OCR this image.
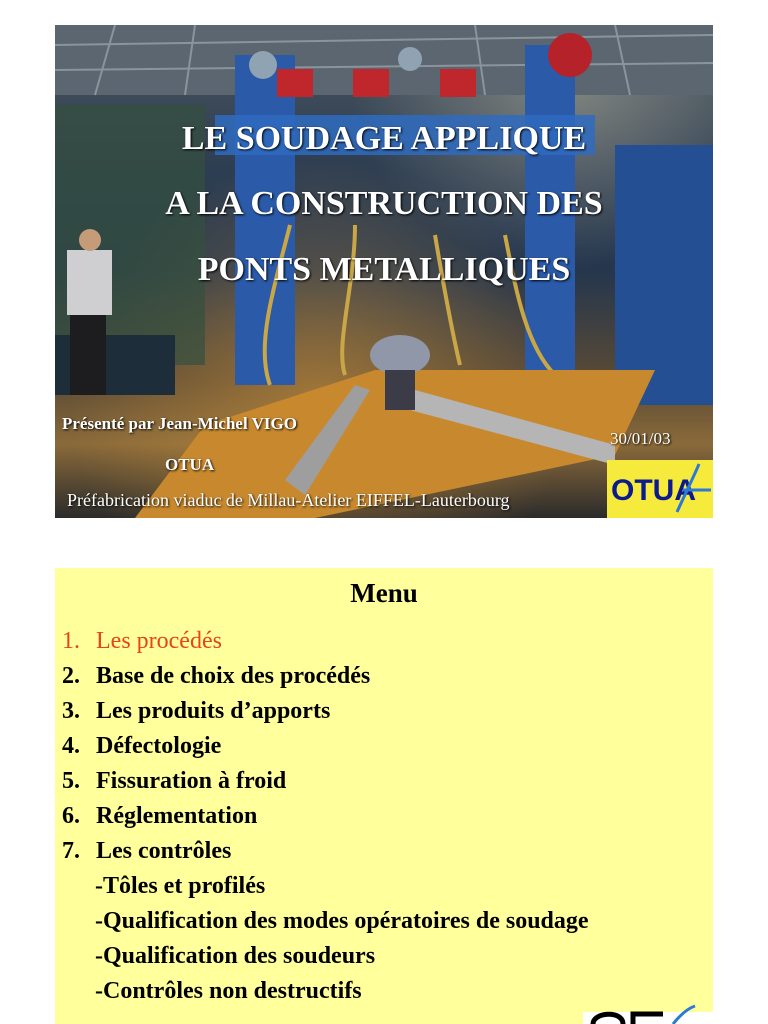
LE SOUDAGE APPLIQUE
A LA CONSTRUCTION DES
PONTS METALLIQUES

Présenté par Jean-Michel VIGO

30/01/03

OTUA

Préfabrication viaduc de Millau-Atelier EIFFEL-Lauterbourg	OTUA
Menu
1. Les procédés
2. Base de choix des procédés
3. Les produits d’apports
4. Défectologie
5. Fissuration à froid
6. Réglementation
7. Les contrôles
-Tôles et profilés
-Qualification des modes opératoires de soudage
-Qualification des soudeurs
-Contrôles non destructifs
